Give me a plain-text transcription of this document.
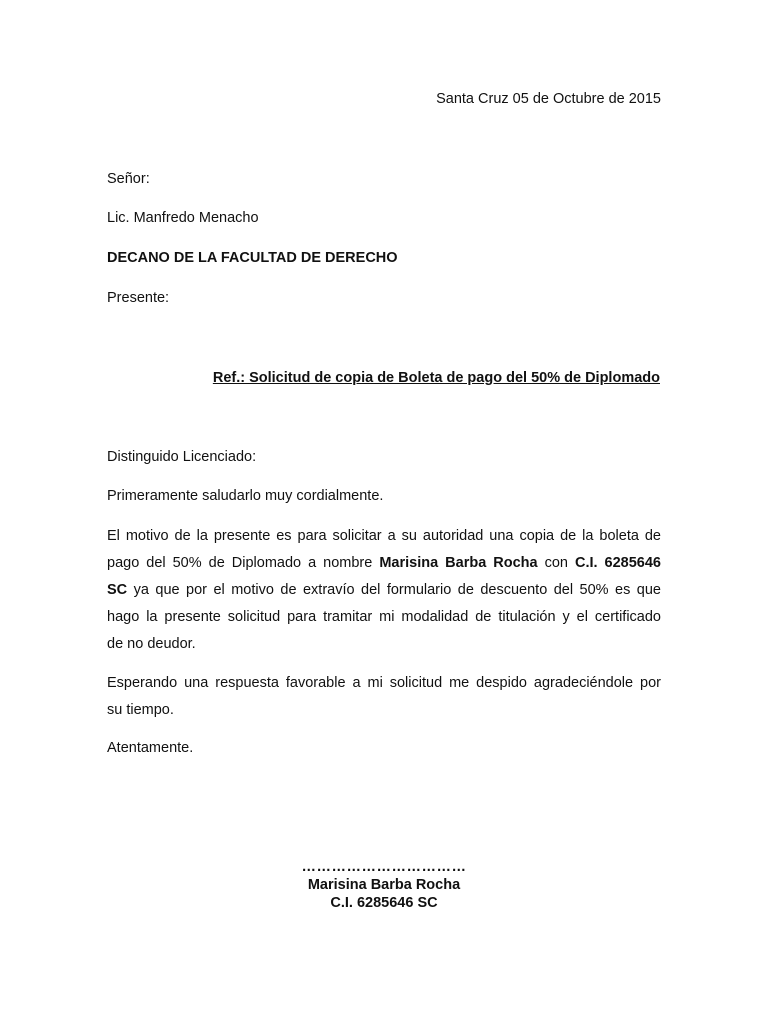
Santa Cruz 05 de Octubre de 2015
Señor:
Lic. Manfredo Menacho
DECANO DE LA FACULTAD DE DERECHO
Presente:
Ref.: Solicitud de copia de Boleta de pago del 50% de Diplomado
Distinguido Licenciado:
Primeramente saludarlo muy cordialmente.
El motivo de la presente es para solicitar a su autoridad una copia de la boleta de
pago del 50% de Diplomado a nombre Marisina Barba Rocha con C.I. 6285646
SC ya que por el motivo de extravío del formulario de descuento del 50% es que
hago la presente solicitud para tramitar mi modalidad de titulación y el certificado
de no deudor.
Esperando una respuesta favorable a mi solicitud me despido agradeciéndole por
su tiempo.
Atentamente.
……………………………
Marisina Barba Rocha
C.I. 6285646 SC
